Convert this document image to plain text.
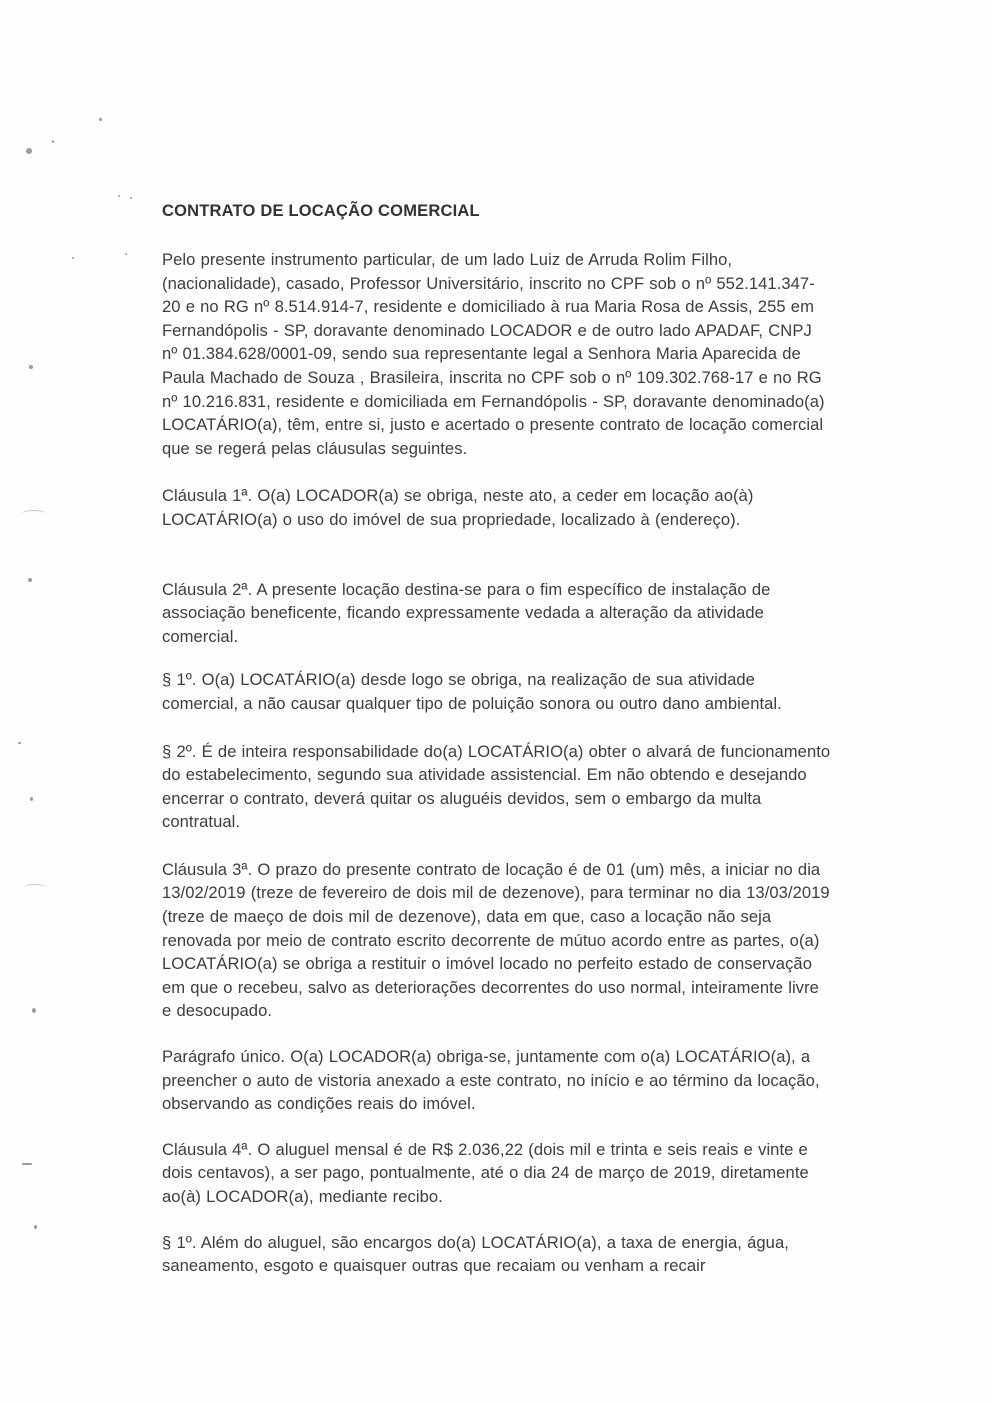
CONTRATO DE LOCAÇÃO COMERCIAL

Pelo presente instrumento particular, de um lado Luiz de Arruda Rolim Filho, (nacionalidade), casado, Professor Universitário, inscrito no CPF sob o nº 552.141.347-20 e no RG nº 8.514.914-7, residente e domiciliado à rua Maria Rosa de Assis, 255 em Fernandópolis - SP, doravante denominado LOCADOR e de outro lado APADAF, CNPJ nº 01.384.628/0001-09, sendo sua representante legal a Senhora Maria Aparecida de Paula Machado de Souza , Brasileira, inscrita no CPF sob o nº 109.302.768-17 e no RG nº 10.216.831, residente e domiciliada em Fernandópolis - SP, doravante denominado(a) LOCATÁRIO(a), têm, entre si, justo e acertado o presente contrato de locação comercial que se regerá pelas cláusulas seguintes.

Cláusula 1ª. O(a) LOCADOR(a) se obriga, neste ato, a ceder em locação ao(à) LOCATÁRIO(a) o uso do imóvel de sua propriedade, localizado à (endereço).

Cláusula 2ª. A presente locação destina-se para o fim específico de instalação de associação beneficente, ficando expressamente vedada a alteração da atividade comercial.

§ 1º. O(a) LOCATÁRIO(a) desde logo se obriga, na realização de sua atividade comercial, a não causar qualquer tipo de poluição sonora ou outro dano ambiental.

§ 2º. É de inteira responsabilidade do(a) LOCATÁRIO(a) obter o alvará de funcionamento do estabelecimento, segundo sua atividade assistencial. Em não obtendo e desejando encerrar o contrato, deverá quitar os aluguéis devidos, sem o embargo da multa contratual.

Cláusula 3ª. O prazo do presente contrato de locação é de 01 (um) mês, a iniciar no dia 13/02/2019 (treze de fevereiro de dois mil de dezenove), para terminar no dia 13/03/2019 (treze de maeço de dois mil de dezenove), data em que, caso a locação não seja renovada por meio de contrato escrito decorrente de mútuo acordo entre as partes, o(a) LOCATÁRIO(a) se obriga a restituir o imóvel locado no perfeito estado de conservação em que o recebeu, salvo as deteriorações decorrentes do uso normal, inteiramente livre e desocupado.

Parágrafo único. O(a) LOCADOR(a) obriga-se, juntamente com o(a) LOCATÁRIO(a), a preencher o auto de vistoria anexado a este contrato, no início e ao término da locação, observando as condições reais do imóvel.

Cláusula 4ª. O aluguel mensal é de R$ 2.036,22 (dois mil e trinta e seis reais e vinte e dois centavos), a ser pago, pontualmente, até o dia 24 de março de 2019, diretamente ao(à) LOCADOR(a), mediante recibo.

§ 1º. Além do aluguel, são encargos do(a) LOCATÁRIO(a), a taxa de energia, água, saneamento, esgoto e quaisquer outras que recaiam ou venham a recair
